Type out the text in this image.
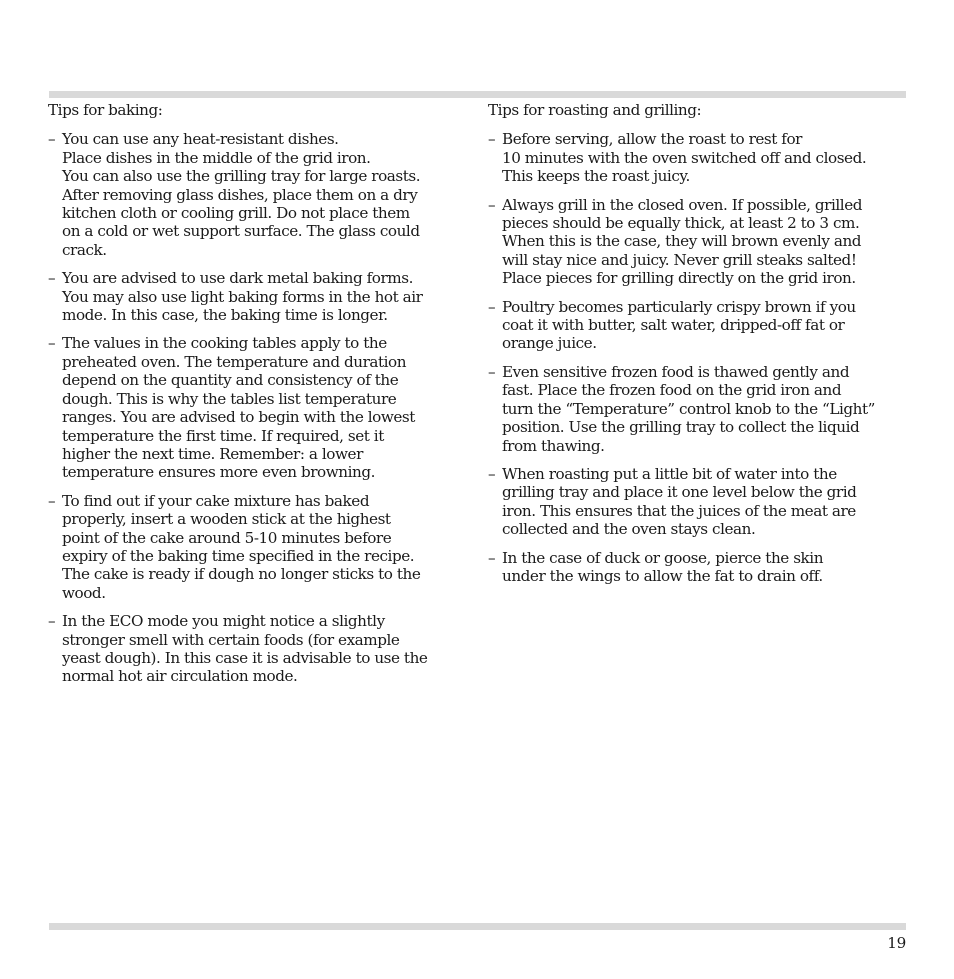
Tips for baking:
– You can use any heat-resistant dishes.
Place dishes in the middle of the grid iron.
You can also use the grilling tray for large roasts.
After removing glass dishes, place them on a dry
kitchen cloth or cooling grill. Do not place them
on a cold or wet support surface. The glass could
crack.
– You are advised to use dark metal baking forms.
You may also use light baking forms in the hot air
mode. In this case, the baking time is longer.
– The values in the cooking tables apply to the
preheated oven. The temperature and duration
depend on the quantity and consistency of the
dough. This is why the tables list temperature
ranges. You are advised to begin with the lowest
temperature the first time. If required, set it
higher the next time. Remember: a lower
temperature ensures more even browning.
– To find out if your cake mixture has baked
properly, insert a wooden stick at the highest
point of the cake around 5-10 minutes before
expiry of the baking time specified in the recipe.
The cake is ready if dough no longer sticks to the
wood.
– In the ECO mode you might notice a slightly
stronger smell with certain foods (for example
yeast dough). In this case it is advisable to use the
normal hot air circulation mode.
Tips for roasting and grilling:
– Before serving, allow the roast to rest for
10 minutes with the oven switched off and closed.
This keeps the roast juicy.
– Always grill in the closed oven. If possible, grilled
pieces should be equally thick, at least 2 to 3 cm.
When this is the case, they will brown evenly and
will stay nice and juicy. Never grill steaks salted!
Place pieces for grilling directly on the grid iron.
– Poultry becomes particularly crispy brown if you
coat it with butter, salt water, dripped-off fat or
orange juice.
– Even sensitive frozen food is thawed gently and
fast. Place the frozen food on the grid iron and
turn the “Temperature” control knob to the “Light”
position. Use the grilling tray to collect the liquid
from thawing.
– When roasting put a little bit of water into the
grilling tray and place it one level below the grid
iron. This ensures that the juices of the meat are
collected and the oven stays clean.
– In the case of duck or goose, pierce the skin
under the wings to allow the fat to drain off.
19
